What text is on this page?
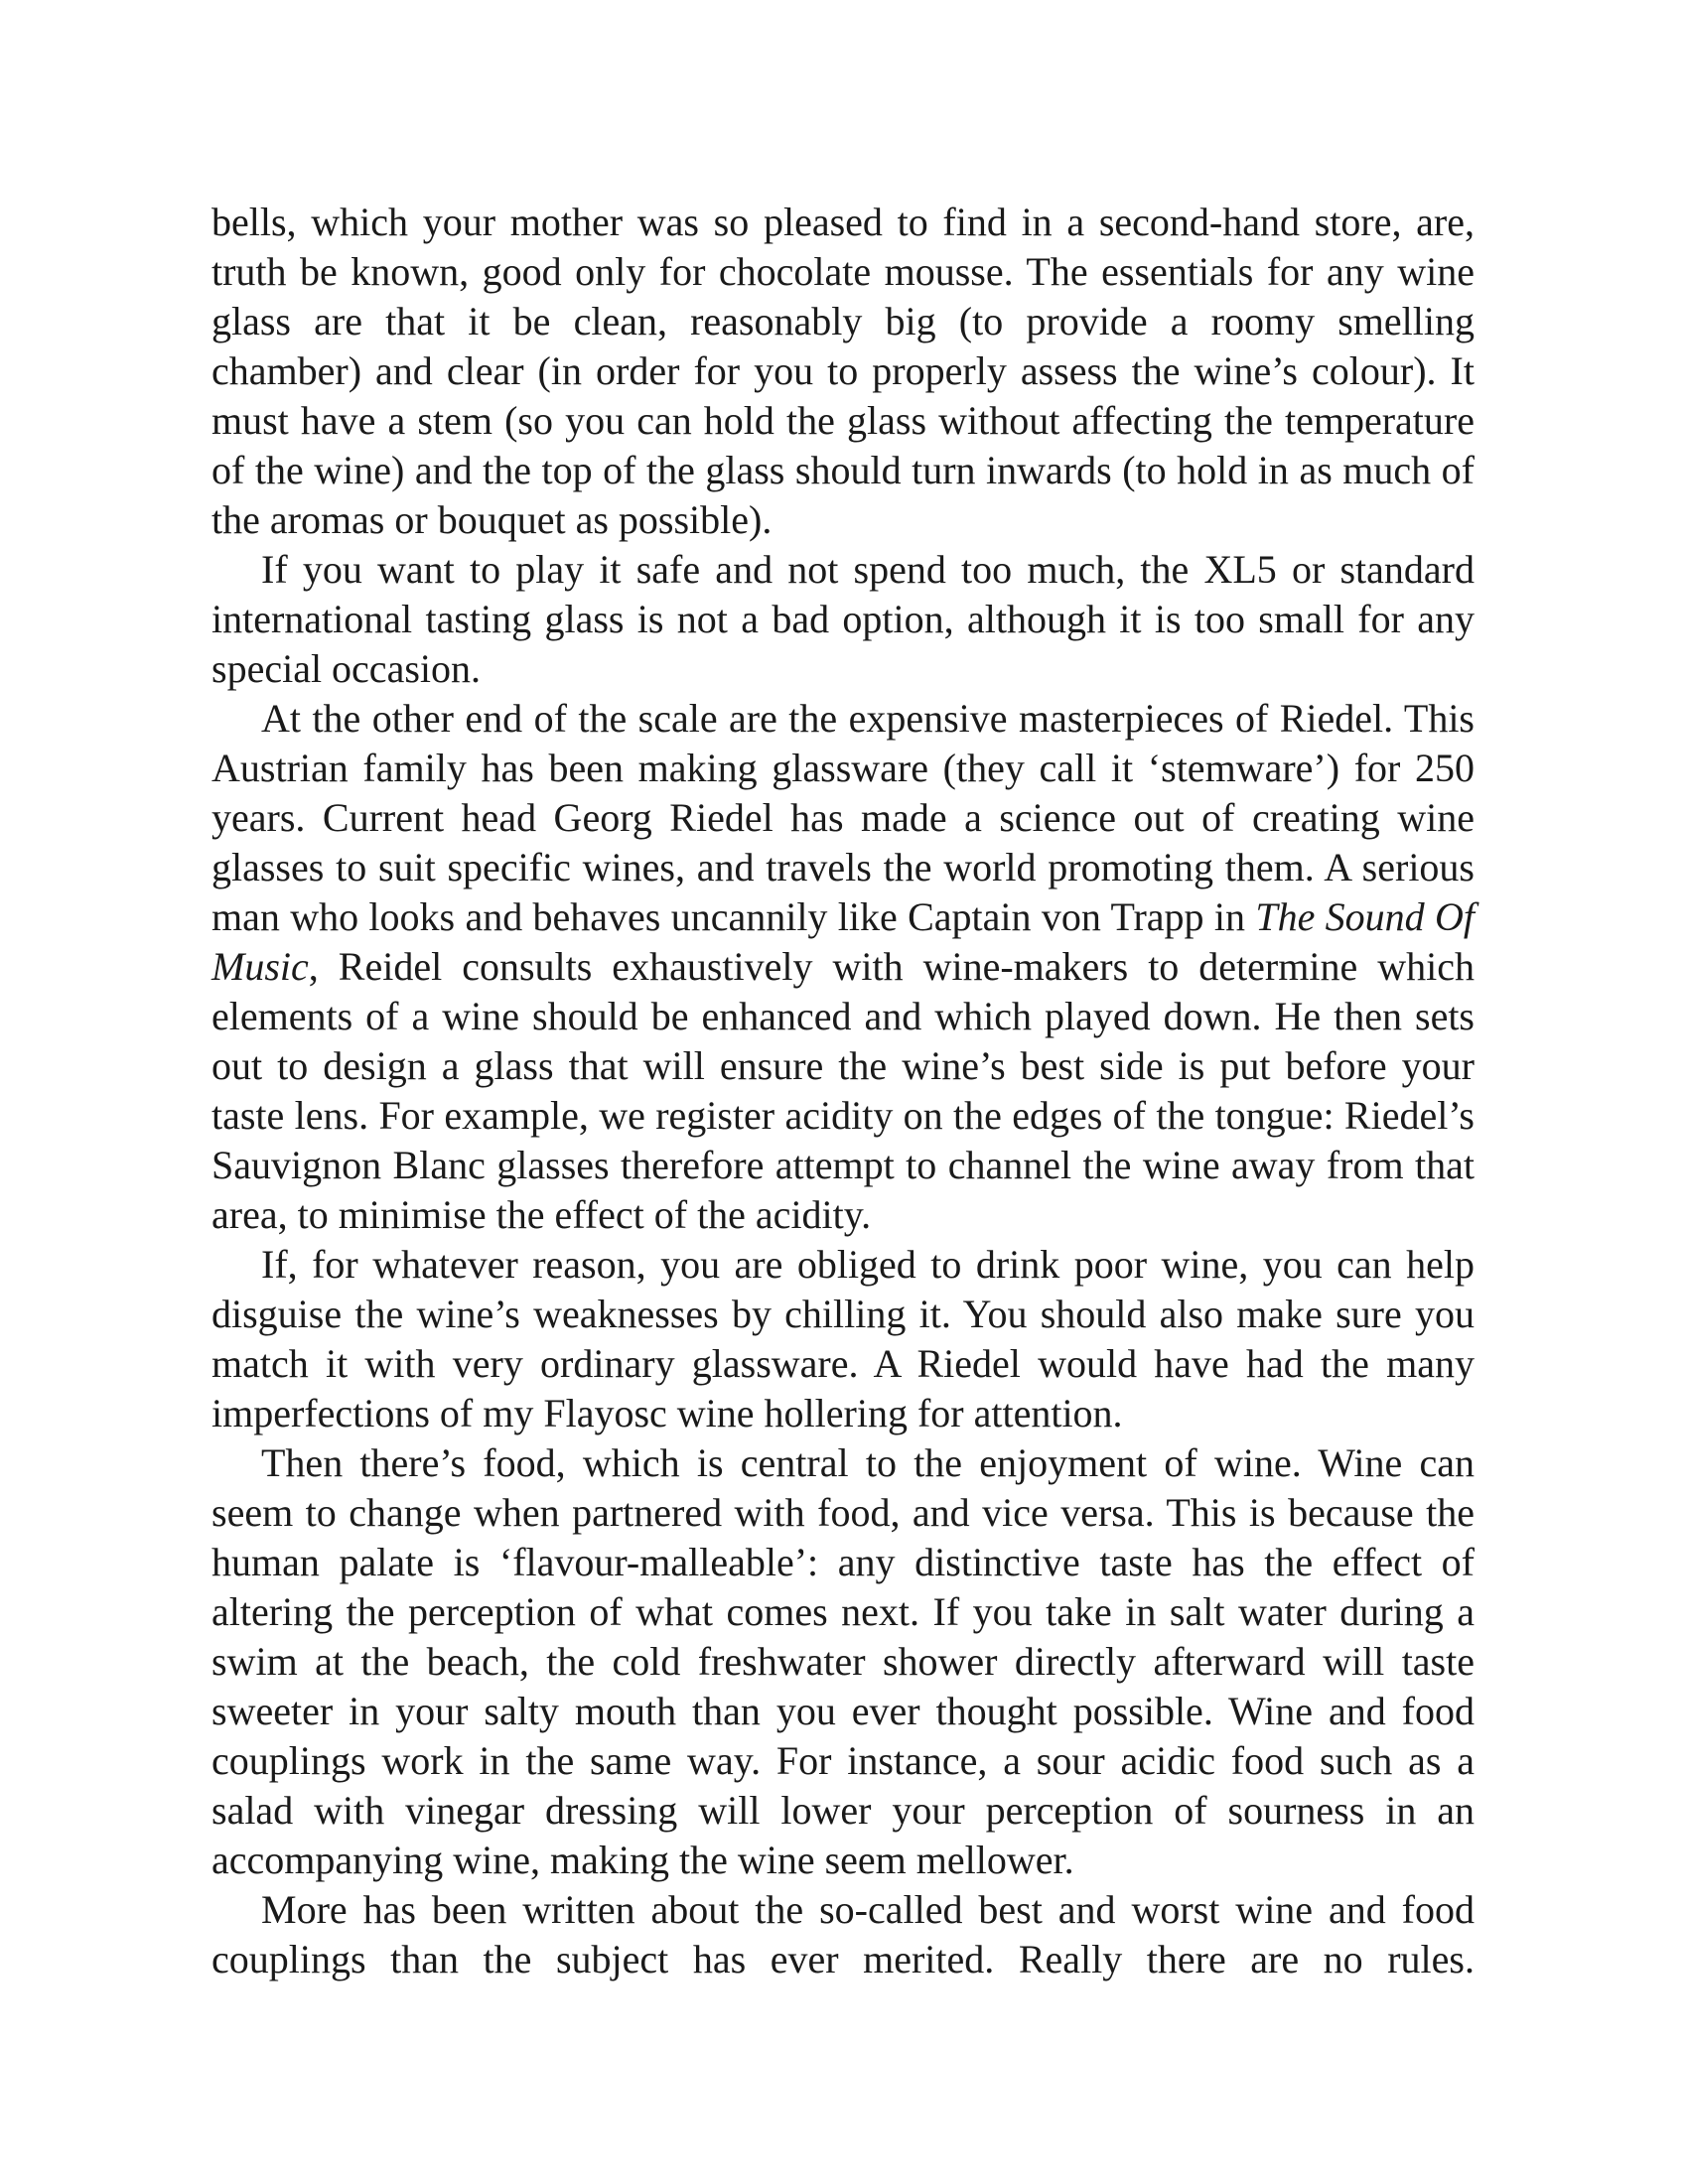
bells, which your mother was so pleased to find in a second-hand store, are, truth be known, good only for chocolate mousse. The essentials for any wine glass are that it be clean, reasonably big (to provide a roomy smelling chamber) and clear (in order for you to properly assess the wine’s colour). It must have a stem (so you can hold the glass without affecting the temperature of the wine) and the top of the glass should turn inwards (to hold in as much of the aromas or bouquet as possible).

If you want to play it safe and not spend too much, the XL5 or standard international tasting glass is not a bad option, although it is too small for any special occasion.

At the other end of the scale are the expensive masterpieces of Riedel. This Austrian family has been making glassware (they call it ‘stemware’) for 250 years. Current head Georg Riedel has made a science out of creating wine glasses to suit specific wines, and travels the world promoting them. A serious man who looks and behaves uncannily like Captain von Trapp in The Sound Of Music, Reidel consults exhaustively with wine-makers to determine which elements of a wine should be enhanced and which played down. He then sets out to design a glass that will ensure the wine’s best side is put before your taste lens. For example, we register acidity on the edges of the tongue: Riedel’s Sauvignon Blanc glasses therefore attempt to channel the wine away from that area, to minimise the effect of the acidity.

If, for whatever reason, you are obliged to drink poor wine, you can help disguise the wine’s weaknesses by chilling it. You should also make sure you match it with very ordinary glassware. A Riedel would have had the many imperfections of my Flayosc wine hollering for attention.

Then there’s food, which is central to the enjoyment of wine. Wine can seem to change when partnered with food, and vice versa. This is because the human palate is ‘flavour-malleable’: any distinctive taste has the effect of altering the perception of what comes next. If you take in salt water during a swim at the beach, the cold freshwater shower directly afterward will taste sweeter in your salty mouth than you ever thought possible. Wine and food couplings work in the same way. For instance, a sour acidic food such as a salad with vinegar dressing will lower your perception of sourness in an accompanying wine, making the wine seem mellower.

More has been written about the so-called best and worst wine and food couplings than the subject has ever merited. Really there are no rules.
